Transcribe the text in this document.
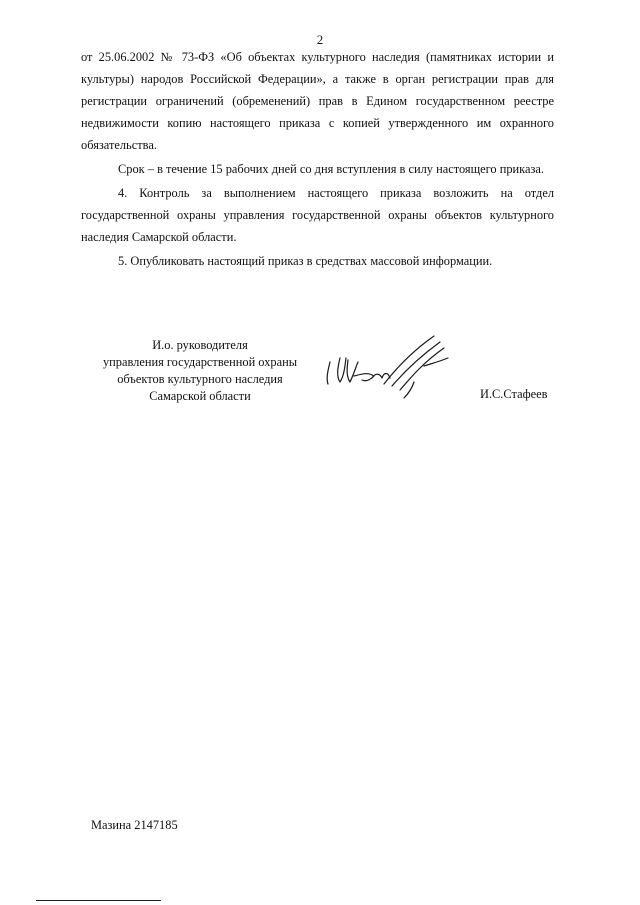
2

от 25.06.2002 № 73-ФЗ «Об объектах культурного наследия (памятниках истории и культуры) народов Российской Федерации», а также в орган регистрации прав для регистрации ограничений (обременений) прав в Едином государственном реестре недвижимости копию настоящего приказа с копией утвержденного им охранного обязательства.

Срок – в течение 15 рабочих дней со дня вступления в силу настоящего приказа.

4. Контроль за выполнением настоящего приказа возложить на отдел государственной охраны управления государственной охраны объектов культурного наследия Самарской области.

5. Опубликовать настоящий приказ в средствах массовой информации.

И.о. руководителя
управления государственной охраны
объектов культурного наследия
Самарской области	И.С.Стафеев
Мазина 2147185
